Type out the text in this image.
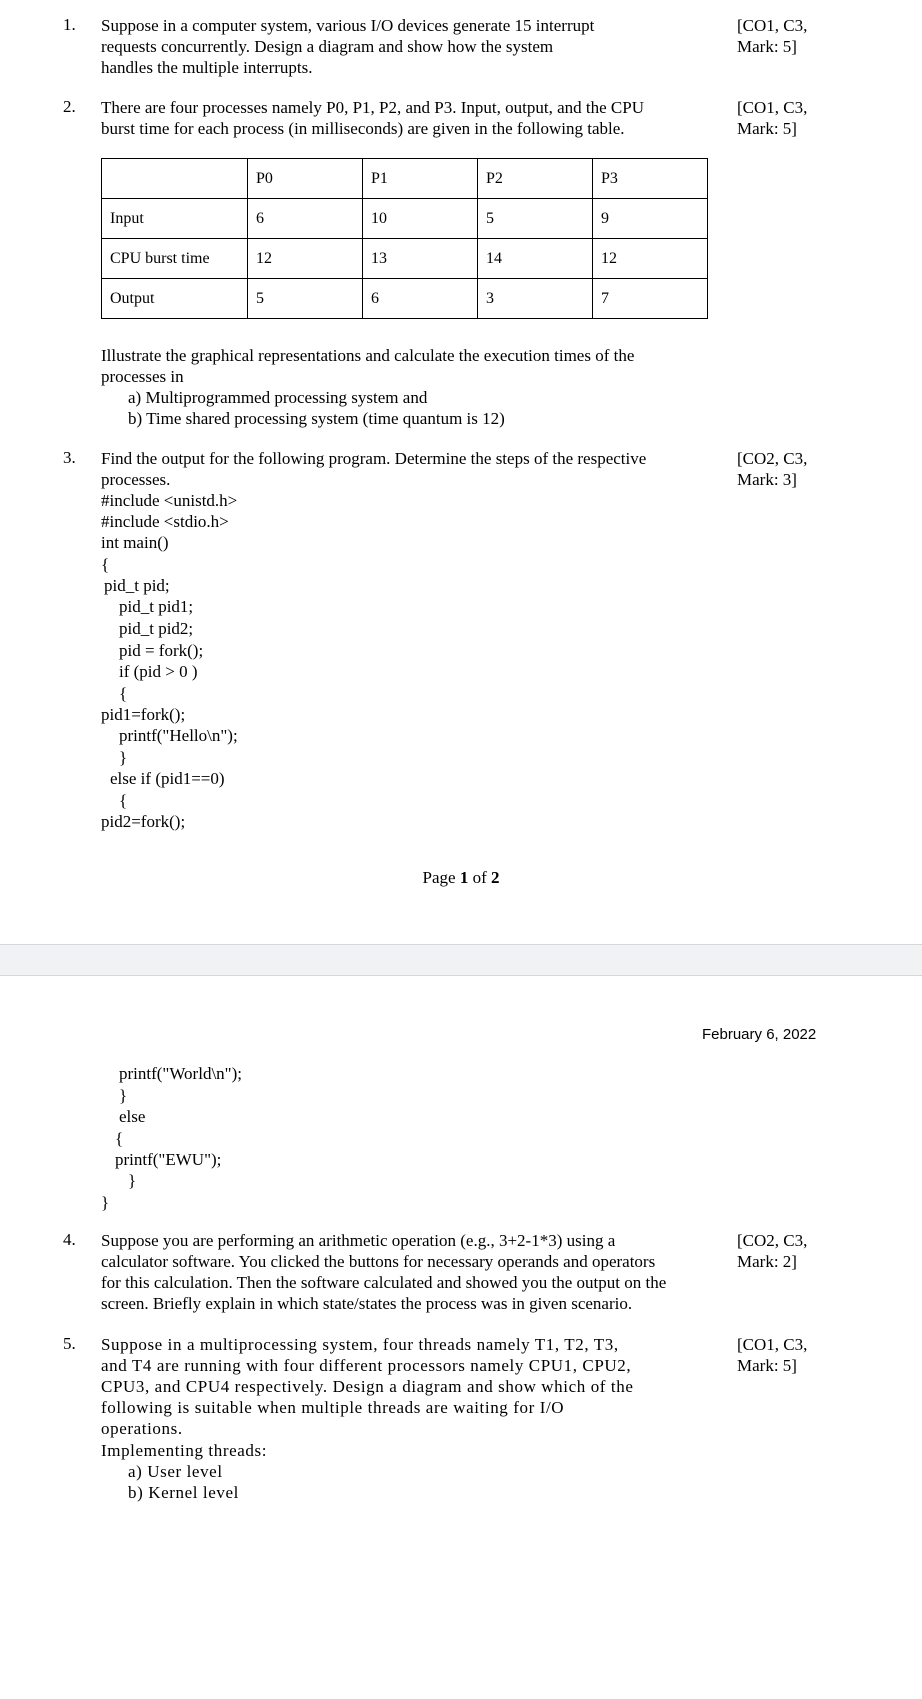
1.	Suppose in a computer system, various I/O devices generate 15 interrupt
requests concurrently. Design a diagram and show how the system
handles the multiple interrupts.
[CO1, C3,
Mark: 5]
2.	There are four processes namely P0, P1, P2, and P3. Input, output, and the CPU
burst time for each process (in milliseconds) are given in the following table.
[CO1, C3,
Mark: 5]
	P0	P1	P2	P3
Input	6	10	5	9
CPU burst time	12	13	14	12
Output	5	6	3	7
Illustrate the graphical representations and calculate the execution times of the
processes in
a) Multiprogrammed processing system and
b) Time shared processing system (time quantum is 12)
3.	Find the output for the following program. Determine the steps of the respective
processes.
[CO2, C3,
Mark: 3]
#include <unistd.h>
#include <stdio.h>
int main()
{
pid_t pid;
pid_t pid1;
pid_t pid2;
pid = fork();
if (pid > 0 )
{
pid1=fork();
printf("Hello\n");
}
else if (pid1==0)
{
pid2=fork();
Page 1 of 2
February 6, 2022
printf("World\n");
}
else
{
printf("EWU");
}
}
4.	Suppose you are performing an arithmetic operation (e.g., 3+2-1*3) using a
calculator software. You clicked the buttons for necessary operands and operators
for this calculation. Then the software calculated and showed you the output on the
screen. Briefly explain in which state/states the process was in given scenario.
[CO2, C3,
Mark: 2]
5.	Suppose in a multiprocessing system, four threads namely T1, T2, T3,
and T4 are running with four different processors namely CPU1, CPU2,
CPU3, and CPU4 respectively. Design a diagram and show which of the
following is suitable when multiple threads are waiting for I/O
operations.
Implementing threads:
a) User level
b) Kernel level
[CO1, C3,
Mark: 5]
